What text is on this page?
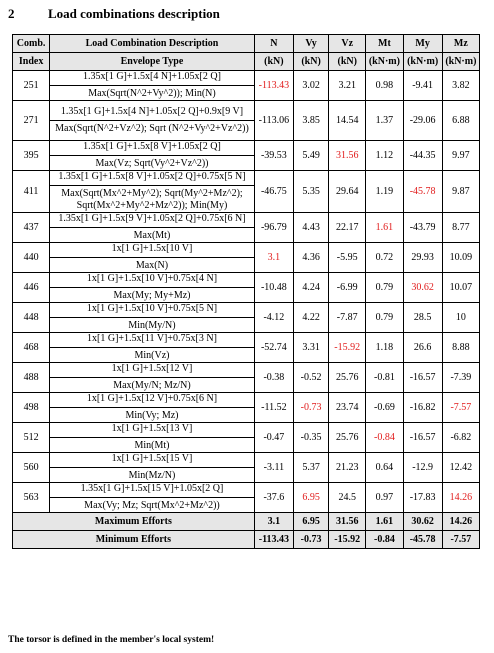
2	Load combinations description
Comb.	Load Combination Description	N	Vy	Vz	Mt	My	Mz
Index	Envelope Type	(kN)	(kN)	(kN)	(kN·m)	(kN·m)	(kN·m)
251	1.35x[1 G]+1.5x[4 N]+1.05x[2 Q]
Max(Sqrt(N^2+Vy^2)); Min(N)	-113.43	3.02	3.21	0.98	-9.41	3.82
271	1.35x[1 G]+1.5x[4 N]+1.05x[2 Q]+0.9x[9 V]
Max(Sqrt(N^2+Vz^2); Sqrt (N^2+Vy^2+Vz^2))	-113.06	3.85	14.54	1.37	-29.06	6.88
395	1.35x[1 G]+1.5x[8 V]+1.05x[2 Q]
Max(Vz; Sqrt(Vy^2+Vz^2))	-39.53	5.49	31.56	1.12	-44.35	9.97
411	1.35x[1 G]+1.5x[8 V]+1.05x[2 Q]+0.75x[5 N]
Max(Sqrt(Mx^2+My^2); Sqrt(My^2+Mz^2); Sqrt(Mx^2+My^2+Mz^2)); Min(My)	-46.75	5.35	29.64	1.19	-45.78	9.87
437	1.35x[1 G]+1.5x[9 V]+1.05x[2 Q]+0.75x[6 N]
Max(Mt)	-96.79	4.43	22.17	1.61	-43.79	8.77
440	1x[1 G]+1.5x[10 V]
Max(N)	3.1	4.36	-5.95	0.72	29.93	10.09
446	1x[1 G]+1.5x[10 V]+0.75x[4 N]
Max(My; My+Mz)	-10.48	4.24	-6.99	0.79	30.62	10.07
448	1x[1 G]+1.5x[10 V]+0.75x[5 N]
Min(My/N)	-4.12	4.22	-7.87	0.79	28.5	10
468	1x[1 G]+1.5x[11 V]+0.75x[3 N]
Min(Vz)	-52.74	3.31	-15.92	1.18	26.6	8.88
488	1x[1 G]+1.5x[12 V]
Max(My/N; Mz/N)	-0.38	-0.52	25.76	-0.81	-16.57	-7.39
498	1x[1 G]+1.5x[12 V]+0.75x[6 N]
Min(Vy; Mz)	-11.52	-0.73	23.74	-0.69	-16.82	-7.57
512	1x[1 G]+1.5x[13 V]
Min(Mt)	-0.47	-0.35	25.76	-0.84	-16.57	-6.82
560	1x[1 G]+1.5x[15 V]
Min(Mz/N)	-3.11	5.37	21.23	0.64	-12.9	12.42
563	1.35x[1 G]+1.5x[15 V]+1.05x[2 Q]
Max(Vy; Mz; Sqrt(Mx^2+Mz^2))	-37.6	6.95	24.5	0.97	-17.83	14.26
Maximum Efforts		3.1	6.95	31.56	1.61	30.62	14.26
Minimum Efforts		-113.43	-0.73	-15.92	-0.84	-45.78	-7.57
The torsor is defined in the member's local system!
